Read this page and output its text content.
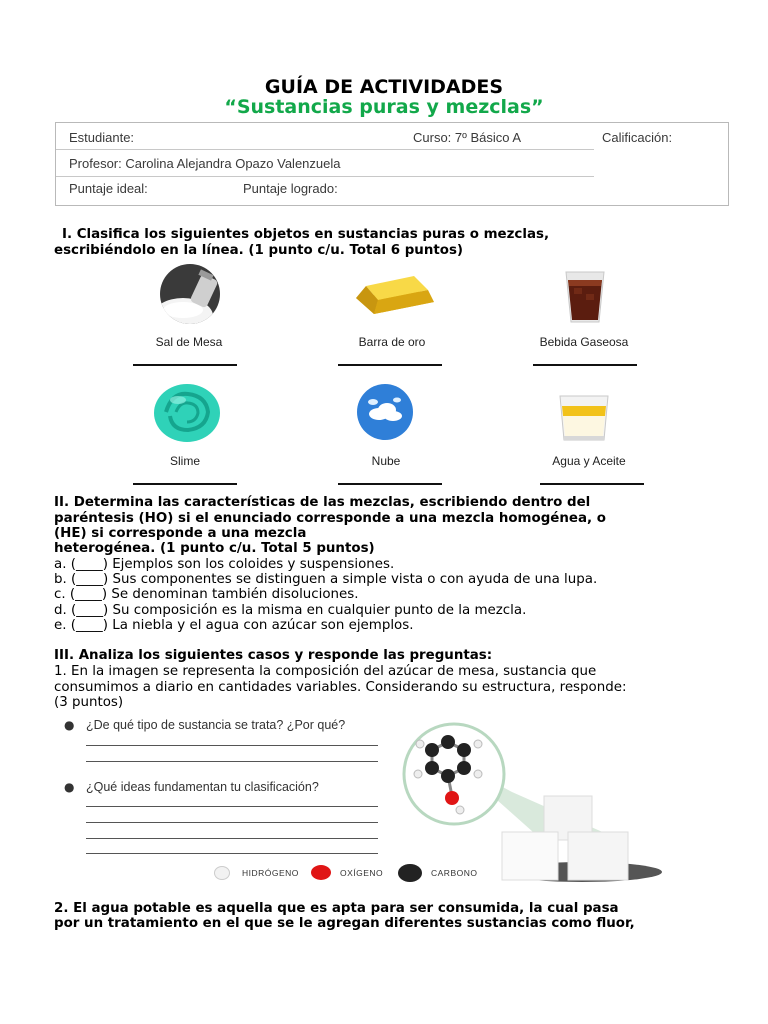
GUÍA DE ACTIVIDADES
“Sustancias puras y mezclas”
Estudiante:	Curso: 7º Básico A	Calificación:
Profesor: Carolina Alejandra Opazo Valenzuela
Puntaje ideal:	Puntaje logrado:
I. Clasifica los siguientes objetos en sustancias puras o mezclas,
escribiéndolo en la línea. (1 punto c/u. Total 6 puntos)
Sal de Mesa	Barra de oro	Bebida Gaseosa
Slime	Nube	Agua y Aceite
II. Determina las características de las mezclas, escribiendo dentro del
paréntesis (HO) si el enunciado corresponde a una mezcla homogénea, o
(HE) si corresponde a una mezcla
heterogénea. (1 punto c/u. Total 5 puntos)
a. (____) Ejemplos son los coloides y suspensiones.
b. (____) Sus componentes se distinguen a simple vista o con ayuda de una lupa.
c. (____) Se denominan también disoluciones.
d. (____) Su composición es la misma en cualquier punto de la mezcla.
e. (____) La niebla y el agua con azúcar son ejemplos.
III. Analiza los siguientes casos y responde las preguntas:
1. En la imagen se representa la composición del azúcar de mesa, sustancia que
consumimos a diario en cantidades variables. Considerando su estructura, responde:
(3 puntos)
● ¿De qué tipo de sustancia se trata? ¿Por qué?
● ¿Qué ideas fundamentan tu clasificación?
HIDRÓGENO	OXÍGENO	CARBONO
2. El agua potable es aquella que es apta para ser consumida, la cual pasa
por un tratamiento en el que se le agregan diferentes sustancias como fluor,
